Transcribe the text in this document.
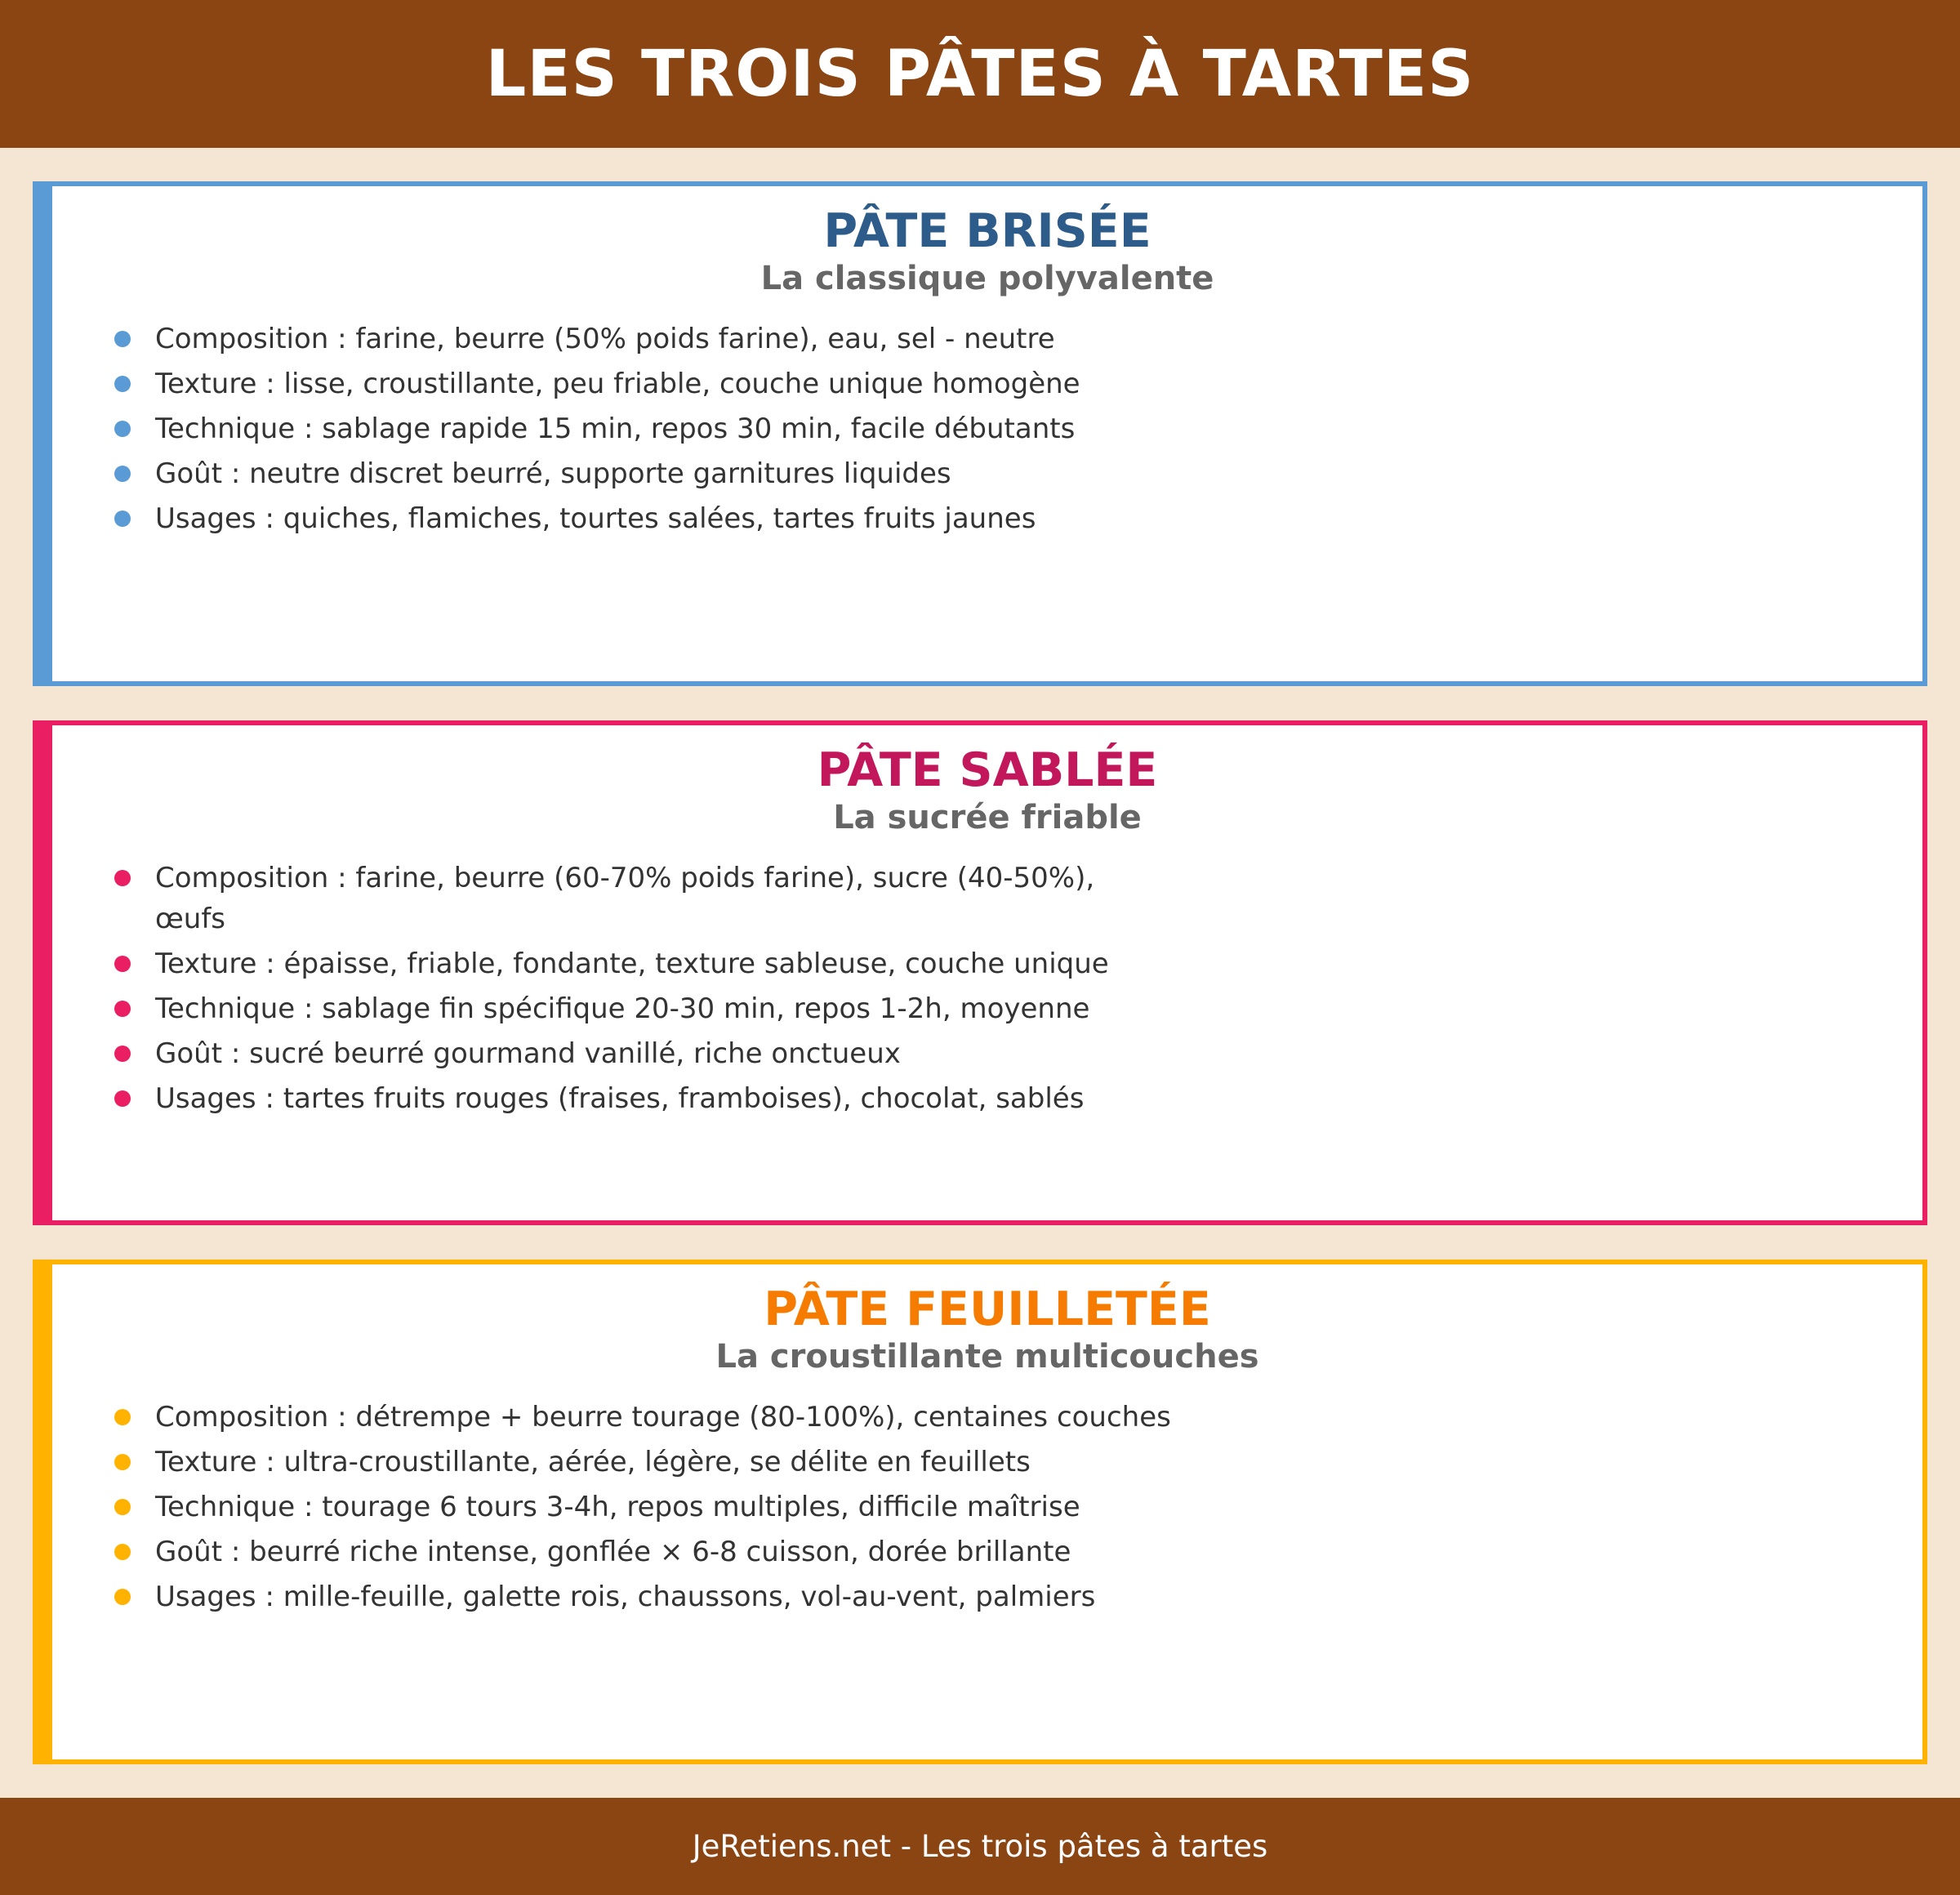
LES TROIS PÂTES À TARTES
PÂTE BRISÉE
La classique polyvalente
Composition : farine, beurre (50% poids farine), eau, sel - neutre
Texture : lisse, croustillante, peu friable, couche unique homogène
Technique : sablage rapide 15 min, repos 30 min, facile débutants
Goût : neutre discret beurré, supporte garnitures liquides
Usages : quiches, flamiches, tourtes salées, tartes fruits jaunes
PÂTE SABLÉE
La sucrée friable
Composition : farine, beurre (60-70% poids farine), sucre (40-50%),
œufs
Texture : épaisse, friable, fondante, texture sableuse, couche unique
Technique : sablage fin spécifique 20-30 min, repos 1-2h, moyenne
Goût : sucré beurré gourmand vanillé, riche onctueux
Usages : tartes fruits rouges (fraises, framboises), chocolat, sablés
PÂTE FEUILLETÉE
La croustillante multicouches
Composition : détrempe + beurre tourage (80-100%), centaines couches
Texture : ultra-croustillante, aérée, légère, se délite en feuillets
Technique : tourage 6 tours 3-4h, repos multiples, difficile maîtrise
Goût : beurré riche intense, gonflée × 6-8 cuisson, dorée brillante
Usages : mille-feuille, galette rois, chaussons, vol-au-vent, palmiers
JeRetiens.net - Les trois pâtes à tartes
